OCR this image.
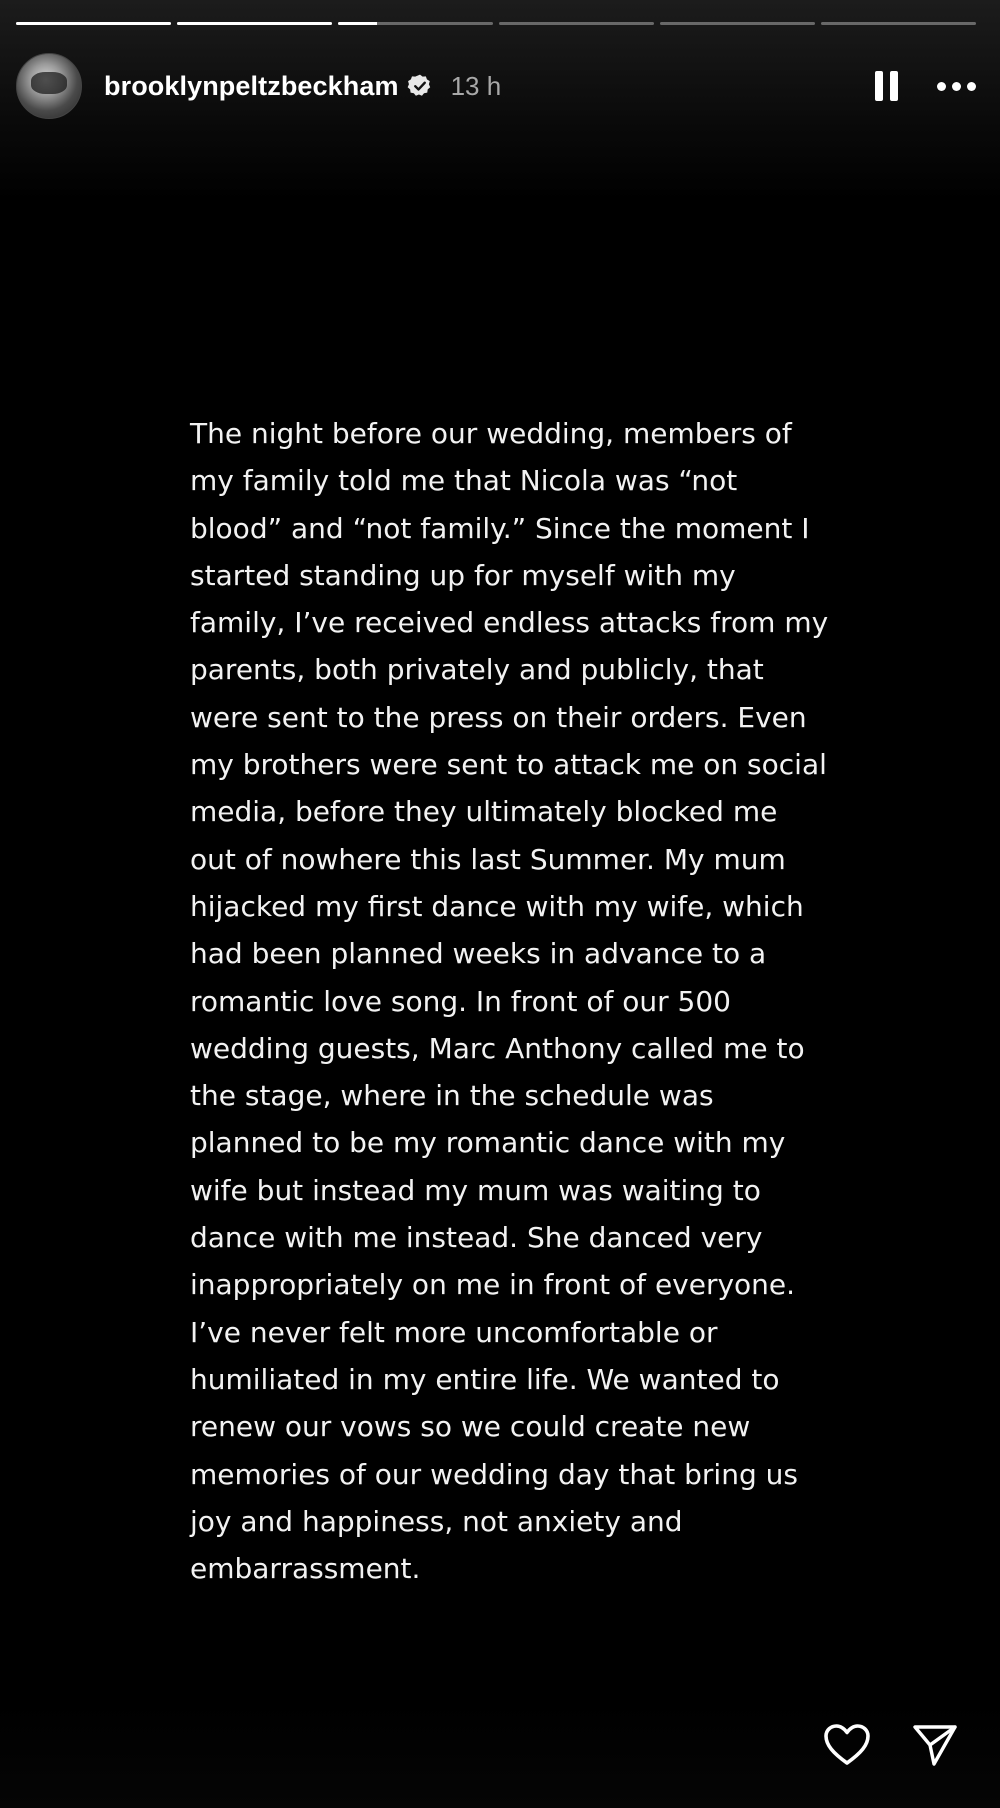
brooklynpeltzbeckham 13 h

The night before our wedding, members of my family told me that Nicola was “not blood” and “not family.” Since the moment I started standing up for myself with my family, I’ve received endless attacks from my parents, both privately and publicly, that were sent to the press on their orders. Even my brothers were sent to attack me on social media, before they ultimately blocked me out of nowhere this last Summer. My mum hijacked my first dance with my wife, which had been planned weeks in advance to a romantic love song. In front of our 500 wedding guests, Marc Anthony called me to the stage, where in the schedule was planned to be my romantic dance with my wife but instead my mum was waiting to dance with me instead. She danced very inappropriately on me in front of everyone. I’ve never felt more uncomfortable or humiliated in my entire life. We wanted to renew our vows so we could create new memories of our wedding day that bring us joy and happiness, not anxiety and embarrassment.
